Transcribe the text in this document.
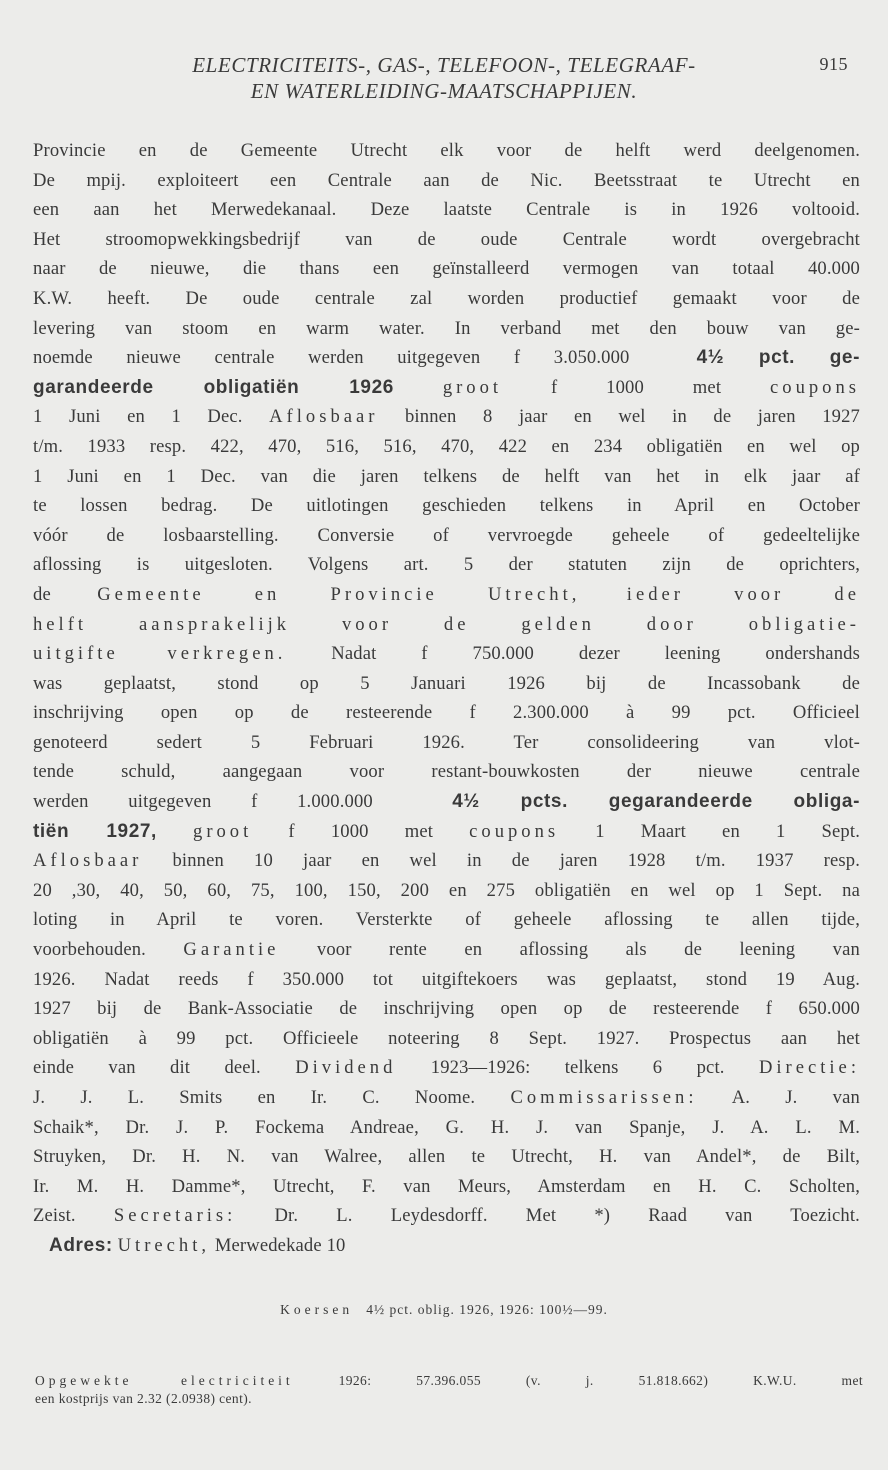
ELECTRICITEITS-, GAS-, TELEFOON-, TELEGRAAF-
EN WATERLEIDING-MAATSCHAPPIJEN.
915
Provincie en de Gemeente Utrecht elk voor de helft werd deelgenomen.
De mpij. exploiteert een Centrale aan de Nic. Beetsstraat te Utrecht en
een aan het Merwedekanaal. Deze laatste Centrale is in 1926 voltooid.
Het stroomopwekkingsbedrijf van de oude Centrale wordt overgebracht
naar de nieuwe, die thans een geïnstalleerd vermogen van totaal 40.000
K.W. heeft. De oude centrale zal worden productief gemaakt voor de
levering van stoom en warm water. In verband met den bouw van ge-
noemde nieuwe centrale werden uitgegeven f 3.050.000	4½ pct. ge-
garandeerde obligatiën 1926	groot	f 1000 met	coupons
1 Juni en 1 Dec. Aflosbaar binnen 8 jaar en wel in de jaren 1927
t/m. 1933 resp. 422, 470, 516, 516, 470, 422 en 234 obligatiën en wel op
1 Juni en 1 Dec. van die jaren telkens de helft van het in elk jaar af
te lossen bedrag. De uitlotingen geschieden telkens in April en October
vóór de losbaarstelling. Conversie of vervroegde geheele of gedeeltelijke
aflossing is uitgesloten. Volgens art. 5 der statuten zijn de oprichters,
de Gemeente en Provincie Utrecht, ieder voor de
helft aansprakelijk voor de gelden door obligatie-
uitgifte verkregen. Nadat f 750.000 dezer leening ondershands
was geplaatst, stond op 5 Januari 1926 bij de Incassobank de
inschrijving open op de resteerende f 2.300.000 à 99 pct. Officieel
genoteerd sedert 5 Februari 1926. Ter consolideering van vlot-
tende schuld, aangegaan voor restant-bouwkosten der nieuwe centrale
werden uitgegeven f 1.000.000	4½ pcts. gegarandeerde obliga-
tiën 1927, groot f 1000 met coupons 1 Maart en 1 Sept.
Aflosbaar binnen 10 jaar en wel in de jaren 1928 t/m. 1937 resp.
20 ,30, 40, 50, 60, 75, 100, 150, 200 en 275 obligatiën en wel op 1 Sept. na
loting in April te voren. Versterkte of geheele aflossing te allen tijde,
voorbehouden. Garantie voor rente en aflossing als de leening van
1926. Nadat reeds f 350.000 tot uitgiftekoers was geplaatst, stond 19 Aug.
1927 bij de Bank-Associatie de inschrijving open op de resteerende f 650.000
obligatiën à 99 pct. Officieele noteering 8 Sept. 1927. Prospectus aan het
einde van dit deel. Dividend 1923—1926: telkens 6 pct. Directie:
J. J. L. Smits en Ir. C. Noome. Commissarissen: A. J. van
Schaik*, Dr. J. P. Fockema Andreae, G. H. J. van Spanje, J. A. L. M.
Struyken, Dr. H. N. van Walree, allen te Utrecht, H. van Andel*, de Bilt,
Ir. M. H. Damme*, Utrecht, F. van Meurs, Amsterdam en H. C. Scholten,
Zeist. Secretaris: Dr. L. Leydesdorff. Met *) Raad van Toezicht.
Adres: Utrecht, Merwedekade 10
Koersen 4½ pct. oblig. 1926, 1926: 100½—99.
Opgewekte electriciteit	1926: 57.396.055 (v. j. 51.818.662) K.W.U. met
een kostprijs van 2.32 (2.0938) cent).
